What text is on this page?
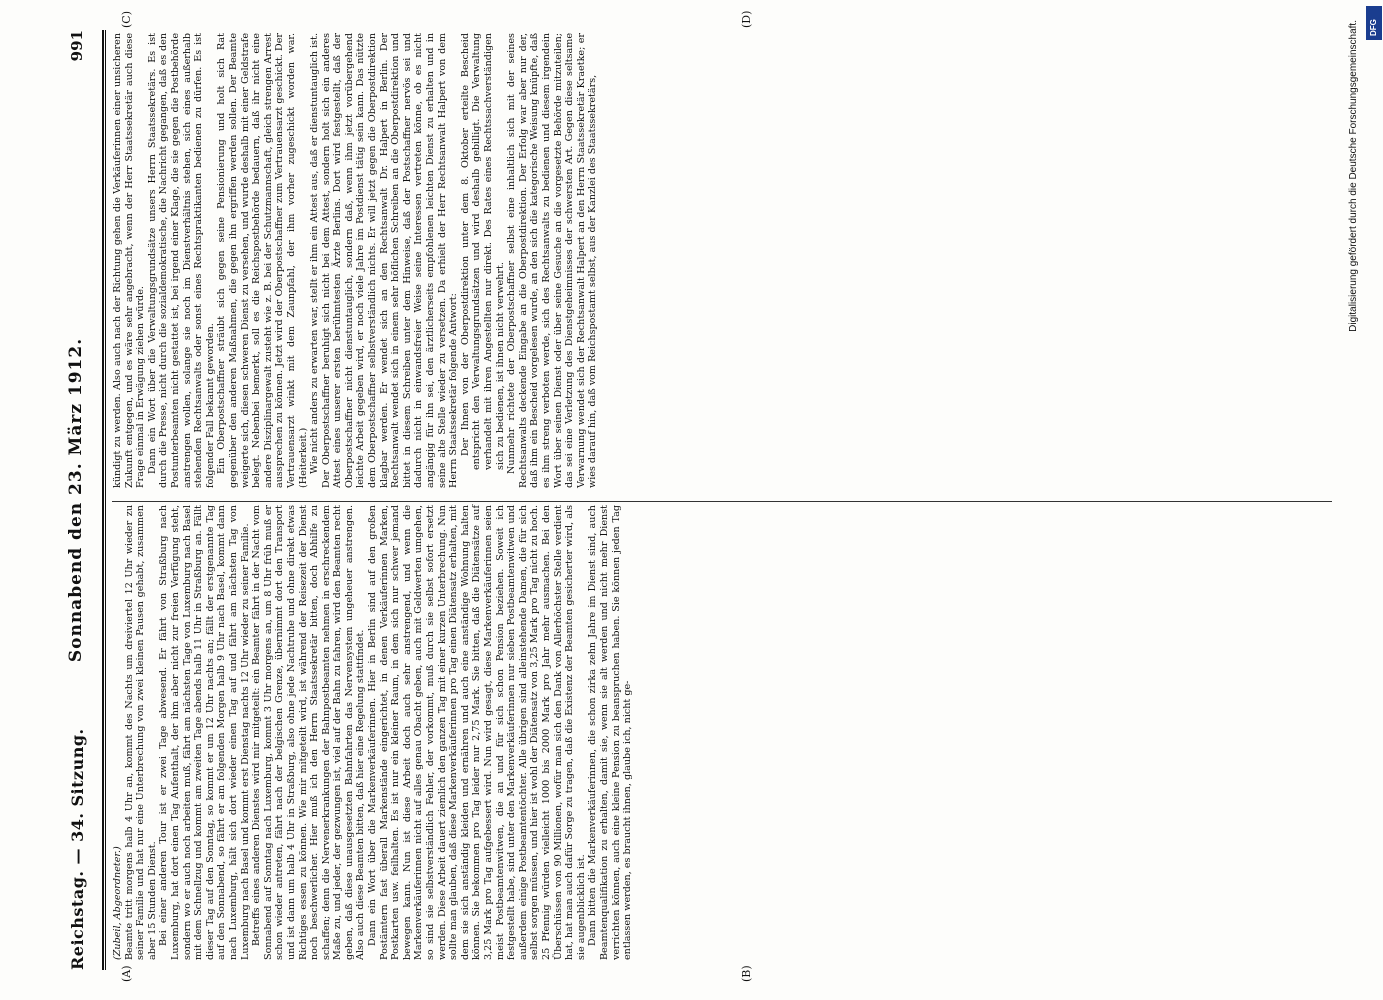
Reichstag. — 34. Sitzung.
Sonnabend den 23. März 1912.
991
(A)	(B)
(C)	(D)

(Zubeil, Abgeordneter.) Beamte tritt morgens halb 4 Uhr an, kommt des Nachts um dreiviertel 12 Uhr wieder zu seiner Familie und hat nur eine Unterbrechung von zwei kleinen Pausen gehabt, zusammen aber 15 Stunden Dienst. Bei einer anderen Tour ist er zwei Tage abwesend. Er fährt von Straßburg nach Luxemburg, hat dort einen Tag Aufenthalt, der ihm aber nicht zur freien Verfügung steht, sondern wo er auch noch arbeiten muß, fährt am nächsten Tage von Luxemburg nach Basel mit dem Schnellzug und kommt am zweiten Tage abends halb 11 Uhr in Straßburg an. Fällt dieser Tag auf den Sonntag, so kommt er um 12 Uhr nachts an; fällt der erstgenannte Tag auf den Sonnabend, so fährt er am folgenden Morgen halb 9 Uhr nach Basel, kommt dann nach Luxemburg, hält sich dort wieder einen Tag auf und fährt am nächsten Tag von Luxemburg nach Basel und kommt erst Dienstag nachts 12 Uhr wieder zu seiner Familie. Betreffs eines anderen Dienstes wird mir mitgeteilt: ein Beamter fährt in der Nacht vom Sonnabend auf Sonntag nach Luxemburg, kommt 3 Uhr morgens an, um 8 Uhr früh muß er schon wieder antreten, fährt nach der belgischen Grenze, übernimmt dort den Transport und ist dann um halb 4 Uhr in Straßburg, also ohne jede Nachtruhe und ohne direkt etwas Richtiges essen zu können. Wie mir mitgeteilt wird, ist während der Reisezeit der Dienst noch beschwerlicher. Hier muß ich den Herrn Staatssekretär bitten, doch Abhilfe zu schaffen; denn die Nervenerkrankungen der Bahnpostbeamten nehmen in erschreckendem Maße zu, und jeder, der gezwungen ist, viel auf der Bahn zu fahren, wird den Beamten recht geben, daß diese unausgesetzten Bahnfahrten das Nervensystem ungeheuer anstrengen. Also auch diese Beamten bitten, daß hier eine Regelung stattfindet. Dann ein Wort über die Markenverkäuferinnen. Hier in Berlin sind auf den großen Postämtern fast überall Markenstände eingerichtet, in denen Verkäuferinnen Marken, Postkarten usw. feilhalten. Es ist nur ein kleiner Raum, in dem sich nur schwer jemand bewegen kann. Nun ist diese Arbeit doch auch sehr anstrengend, und wenn die Markenverkäuferinnen nicht auf alles genau Obacht geben, auch mit Geldwerten umgehen, so sind sie selbstverständlich Fehler, der vorkommt, muß durch sie selbst sofort ersetzt werden. Diese Arbeit dauert ziemlich den ganzen Tag mit einer kurzen Unterbrechung. Nun sollte man glauben, daß diese Markenverkäuferinnen pro Tag einen Diätensatz erhalten, mit dem sie sich anständig kleiden und ernähren und auch eine anständige Wohnung halten können. Sie bekommen pro Tag leider nur 2,75 Mark. Sie bitten, daß die Diätensätze auf 3,25 Mark pro Tag aufgebessert wird. Nun wird gesagt, diese Markenverkäuferinnen seien meist Postbeamtenwitwen, die an und für sich schon Pension beziehen. Soweit ich festgestellt habe, sind unter den Markenverkäuferinnen nur sieben Postbeamtenwitwen und außerdem einige Postbeamtentöchter. Alle übrigen sind alleinstehende Damen, die für sich selbst sorgen müssen, und hier ist wohl der Diätensatz von 3,25 Mark pro Tag nicht zu hoch. 25 Pfennig würden vielleicht 1000 bis 2000 Mark pro Jahr mehr ausmachen. Bei den Überschüssen von 90 Millionen, wofür man sich den Dank von Allerhöchster Stelle verdient hat, hat man auch dafür Sorge zu tragen, daß die Existenz der Beamten gesicherter wird, als sie augenblicklich ist. Dann bitten die Markenverkäuferinnen, die schon zirka zehn Jahre im Dienst sind, auch Beamtenqualifikation zu erhalten, damit sie, wenn sie alt werden und nicht mehr Dienst verrichten können, auch eine kleine Pension zu beanspruchen haben. Sie können jeden Tag entlassen werden, es braucht ihnen, glaube ich, nicht ge-

kündigt zu werden. Also auch nach der Richtung gehen die Verkäuferinnen einer unsicheren Zukunft entgegen, und es wäre sehr angebracht, wenn der Herr Staatssekretär auch diese Frage einmal in Erwägung ziehen würde. Dann ein Wort über die Verwaltungsgrundsätze unsers Herrn Staatssekretärs. Es ist durch die Presse, nicht durch die sozialdemokratische, die Nachricht gegangen, daß es den Postunterbeamten nicht gestattet ist, bei irgend einer Klage, die sie gegen die Postbehörde anstrengen wollen, solange sie noch im Dienstverhältnis stehen, sich eines außerhalb stehenden Rechtsanwalts oder sonst eines Rechtspraktikanten bedienen zu dürfen. Es ist folgender Fall bekannt geworden. Ein Oberpostschaffner sträubt sich gegen seine Pensionierung und holt sich Rat gegenüber den anderen Maßnahmen, die gegen ihn ergriffen werden sollen. Der Beamte weigerte sich, diesen schweren Dienst zu versehen, und wurde deshalb mit einer Geldstrafe belegt. Nebenbei bemerkt, soll es die Reichspostbehörde bedauern, daß ihr nicht eine andere Disziplinargewalt zusteht wie z. B. bei der Schutzmannschaft, gleich strengen Arrest aussprechen zu können. Jetzt wird der Oberpostschaffner zum Vertrauensarzt geschickt. Der Vertrauensarzt winkt mit dem Zaunpfahl, der ihm vorher zugeschickt worden war. (Heiterkeit.) Wie nicht anders zu erwarten war, stellt er ihm ein Attest aus, daß er dienstuntauglich ist. Der Oberpostschaffner beruhigt sich nicht bei dem Attest, sondern holt sich ein anderes Attest eines unserer ersten berühmtesten Ärzte Berlins. Dort wird festgestellt, daß der Oberpostschaffner nicht dienstuntauglich, sondern daß, wenn ihm jetzt vorübergehend leichte Arbeit gegeben wird, er noch viele Jahre im Postdienst tätig sein kann. Das nützte dem Oberpostschaffner selbstverständlich nichts. Er will jetzt gegen die Oberpostdirektion klagbar werden. Er wendet sich an den Rechtsanwalt Dr. Halpert in Berlin. Der Rechtsanwalt wendet sich in einem sehr höflichen Schreiben an die Oberpostdirektion und bittet in diesem Schreiben unter dem Hinweise, daß der Postschaffner nervös sei und dadurch nicht in einwandsfreier Weise seine Interessen vertreten könne, ob es nicht angängig für ihn sei, den ärztlicherseits empfohlenen leichten Dienst zu erhalten und in seine alte Stelle wieder zu versetzen. Da erhielt der Herr Rechtsanwalt Halpert von dem Herrn Staatssekretär folgende Antwort: Der Ihnen von der Oberpostdirektion unter dem 8. Oktober erteilte Bescheid entspricht den Verwaltungsgrundsätzen und wird deshalb gebilligt. Die Verwaltung verhandelt mit ihren Angestellten nur direkt. Des Rates eines Rechtssachverständigen sich zu bedienen, ist ihnen nicht verwehrt. Nunmehr richtete der Oberpostschaffner selbst eine inhaltlich sich mit der seines Rechtsanwalts deckende Eingabe an die Oberpostdirektion. Der Erfolg war aber nur der, daß ihm ein Bescheid vorgelesen wurde, an den sich die kategorische Weisung knüpfte, daß es ihm streng verboten werde, sich des Rechtsanwalts zu bedienen und diesem irgendein Wort über seinen Dienst oder über seine Gesuche an die vorgesetzte Behörde mitzuteilen; das sei eine Verletzung des Dienstgeheimnisses der schwersten Art. Gegen diese seltsame Verwarnung wendet sich der Rechtsanwalt Halpert an den Herrn Staatssekretär Kraetke; er wies darauf hin, daß vom Reichspostamt selbst, aus der Kanzlei des Staatssekretärs,	Digitalisierung gefördert durch die Deutsche Forschungsgemeinschaft.	DFG
